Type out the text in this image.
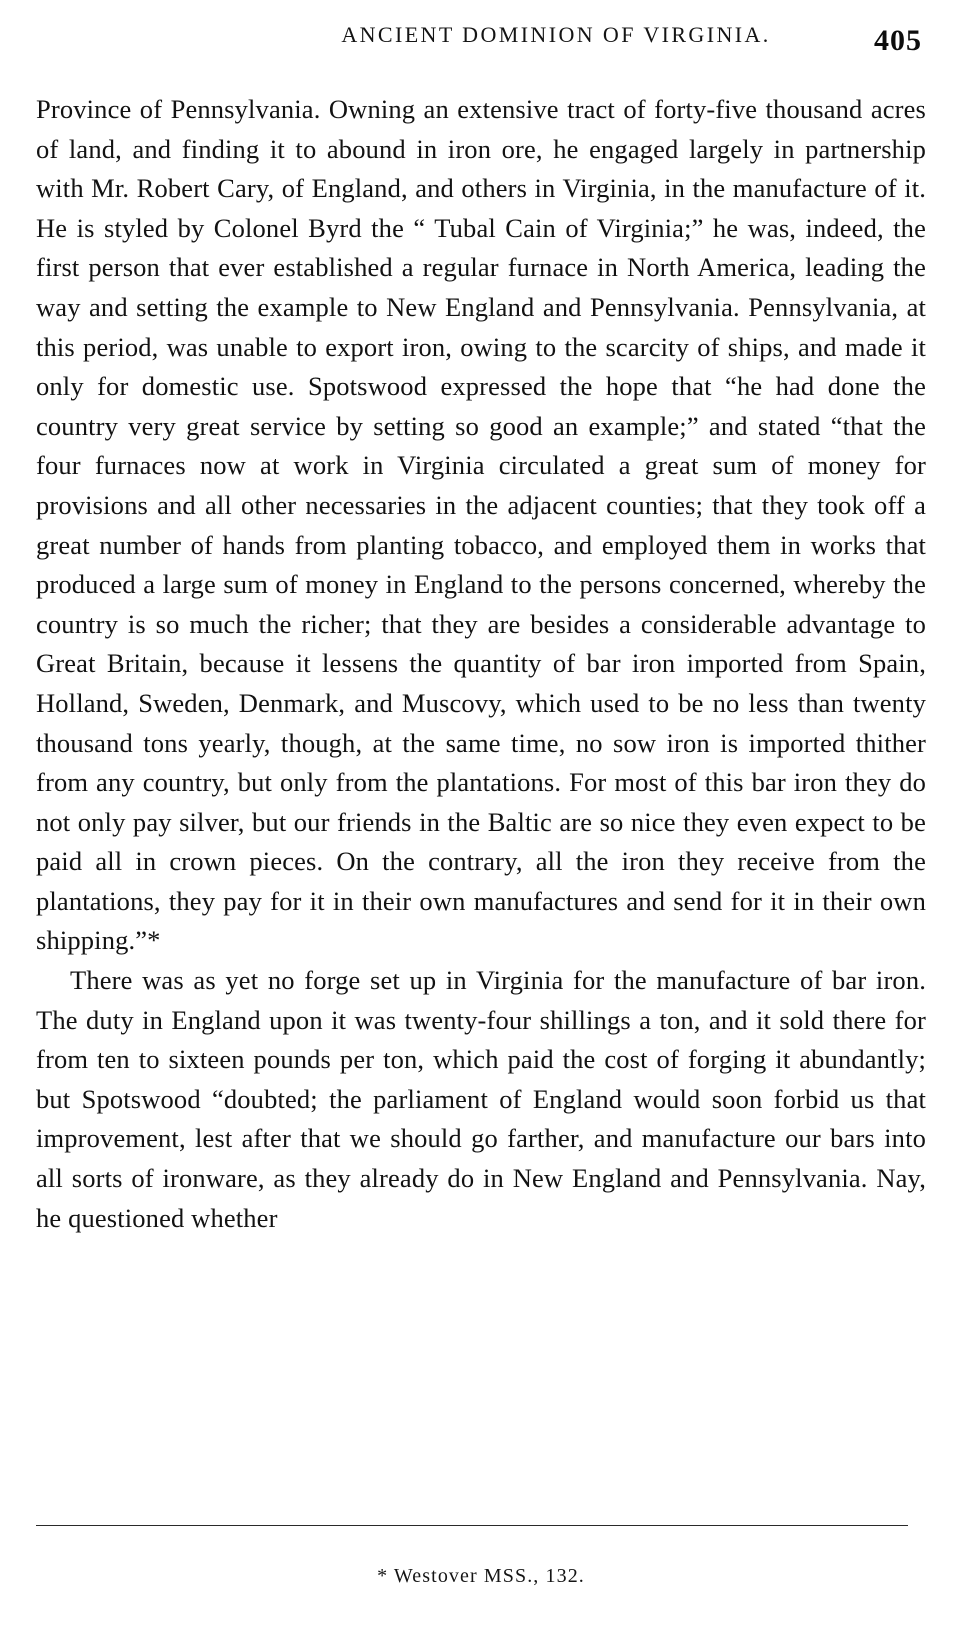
ANCIENT DOMINION OF VIRGINIA.	405

Province of Pennsylvania. Owning an extensive tract of forty-five thousand acres of land, and finding it to abound in iron ore, he engaged largely in partnership with Mr. Robert Cary, of England, and others in Virginia, in the manufacture of it. He is styled by Colonel Byrd the “ Tubal Cain of Virginia;” he was, indeed, the first person that ever established a regular furnace in North America, leading the way and setting the example to New England and Pennsylvania. Pennsylvania, at this period, was unable to export iron, owing to the scarcity of ships, and made it only for domestic use. Spotswood expressed the hope that “he had done the country very great service by setting so good an example;” and stated “that the four furnaces now at work in Virginia circulated a great sum of money for provisions and all other necessaries in the adjacent counties; that they took off a great number of hands from planting tobacco, and employed them in works that produced a large sum of money in England to the persons concerned, whereby the country is so much the richer; that they are besides a considerable advantage to Great Britain, because it lessens the quantity of bar iron imported from Spain, Holland, Sweden, Denmark, and Muscovy, which used to be no less than twenty thousand tons yearly, though, at the same time, no sow iron is imported thither from any country, but only from the plantations. For most of this bar iron they do not only pay silver, but our friends in the Baltic are so nice they even expect to be paid all in crown pieces. On the contrary, all the iron they receive from the plantations, they pay for it in their own manufactures and send for it in their own shipping.”*

There was as yet no forge set up in Virginia for the manufacture of bar iron. The duty in England upon it was twenty-four shillings a ton, and it sold there for from ten to sixteen pounds per ton, which paid the cost of forging it abundantly; but Spotswood “doubted; the parliament of England would soon forbid us that improvement, lest after that we should go farther, and manufacture our bars into all sorts of ironware, as they already do in New England and Pennsylvania. Nay, he questioned whether

* Westover MSS., 132.
